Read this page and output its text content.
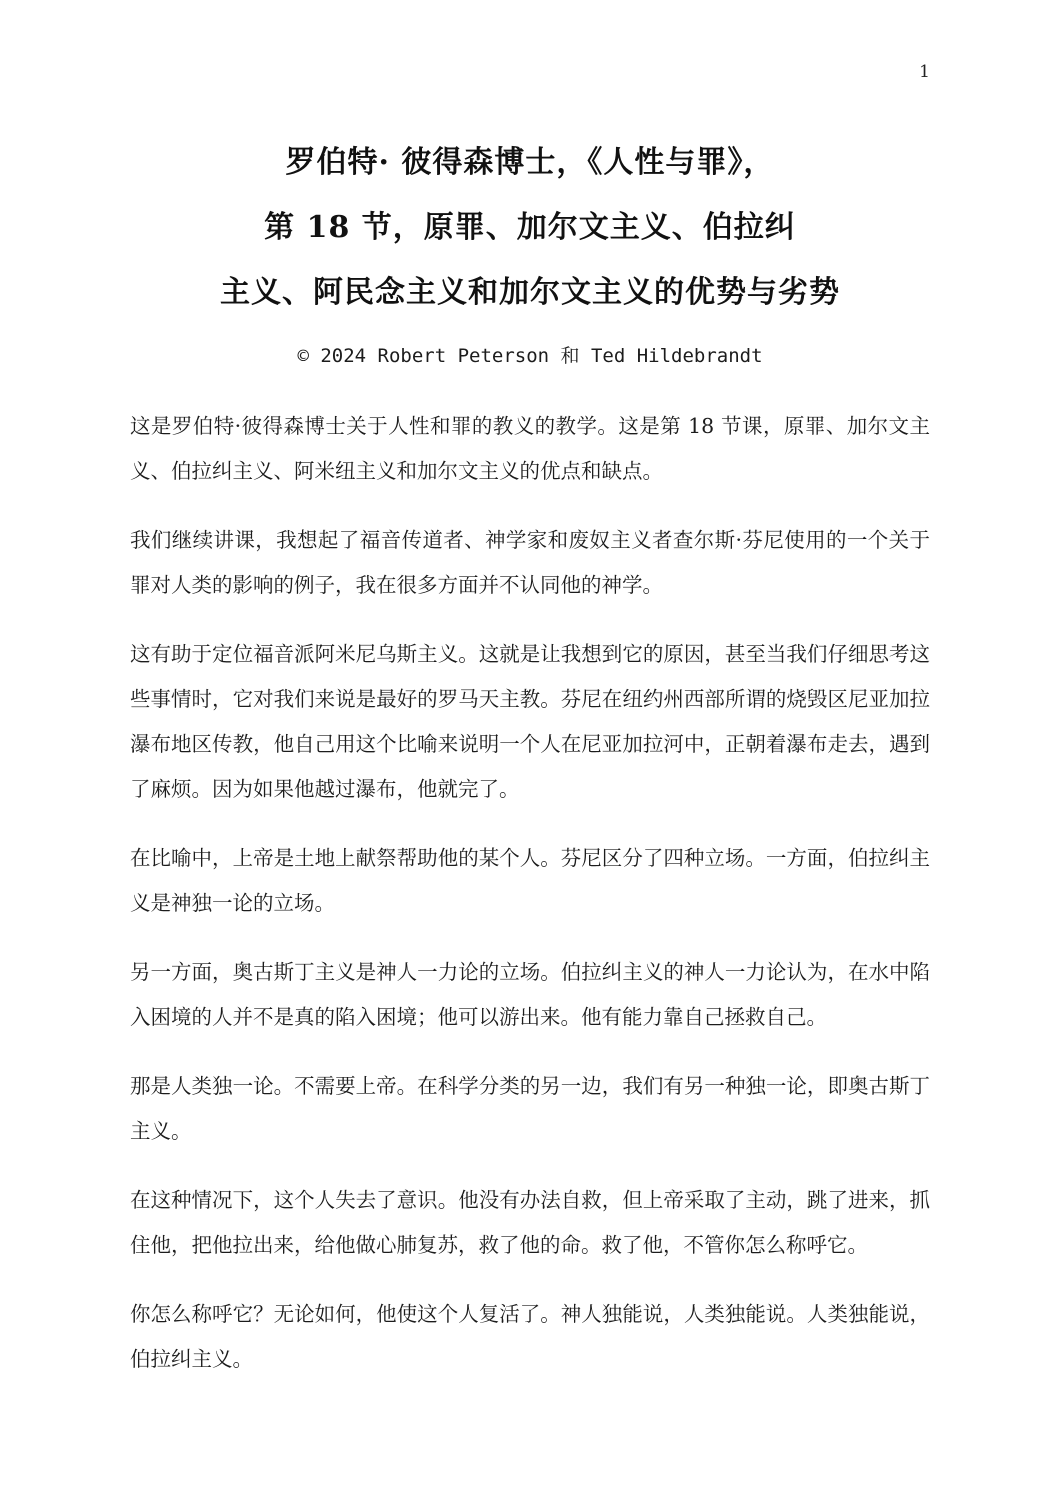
1
罗伯特· 彼得森博士，《人性与罪》，
第 18 节，原罪、加尔文主义、伯拉纠
主义、阿民念主义和加尔文主义的优势与劣势
© 2024 Robert Peterson 和 Ted Hildebrandt

这是罗伯特·彼得森博士关于人性和罪的教义的教学。这是第 18 节课，原罪、加尔文主义、伯拉纠主义、阿米纽主义和加尔文主义的优点和缺点。

我们继续讲课，我想起了福音传道者、神学家和废奴主义者查尔斯·芬尼使用的一个关于罪对人类的影响的例子，我在很多方面并不认同他的神学。

这有助于定位福音派阿米尼乌斯主义。这就是让我想到它的原因，甚至当我们仔细思考这些事情时，它对我们来说是最好的罗马天主教。芬尼在纽约州西部所谓的烧毁区尼亚加拉瀑布地区传教，他自己用这个比喻来说明一个人在尼亚加拉河中，正朝着瀑布走去，遇到了麻烦。因为如果他越过瀑布，他就完了。

在比喻中，上帝是土地上献祭帮助他的某个人。芬尼区分了四种立场。一方面，伯拉纠主义是神独一论的立场。

另一方面，奥古斯丁主义是神人一力论的立场。伯拉纠主义的神人一力论认为，在水中陷入困境的人并不是真的陷入困境；他可以游出来。他有能力靠自己拯救自己。

那是人类独一论。不需要上帝。在科学分类的另一边，我们有另一种独一论，即奥古斯丁主义。

在这种情况下，这个人失去了意识。他没有办法自救，但上帝采取了主动，跳了进来，抓住他，把他拉出来，给他做心肺复苏，救了他的命。救了他，不管你怎么称呼它。

你怎么称呼它？无论如何，他使这个人复活了。神人独能说，人类独能说。人类独能说，伯拉纠主义。
